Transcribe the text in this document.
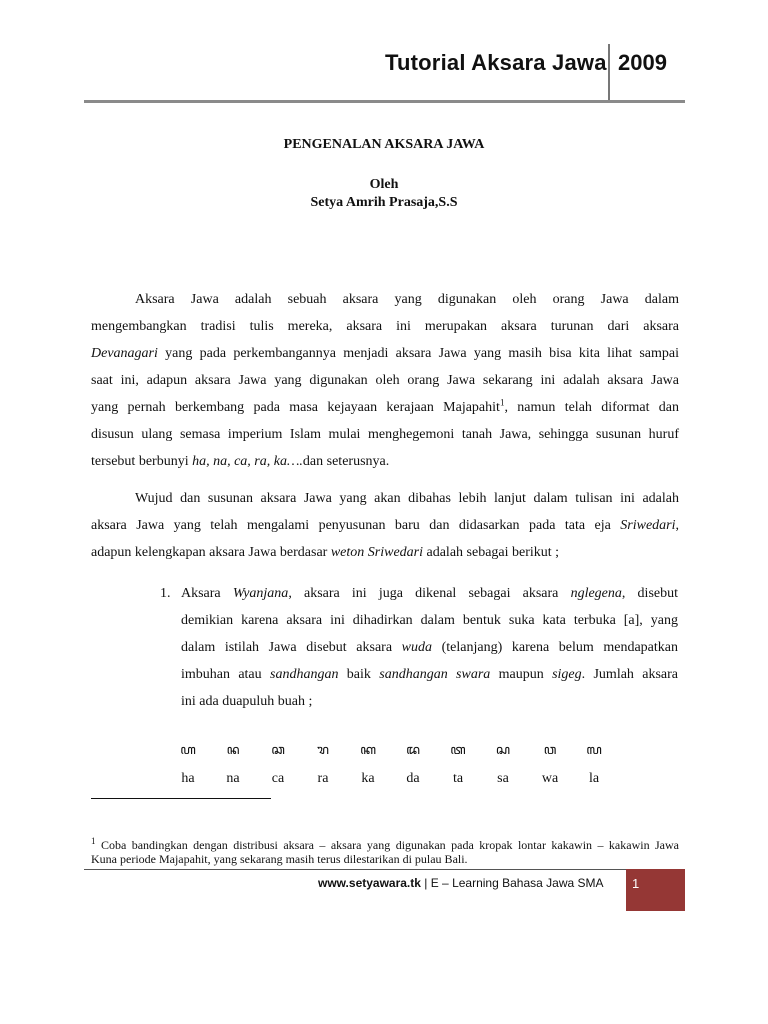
Tutorial Aksara Jawa 2009
PENGENALAN AKSARA JAWA
Oleh
Setya Amrih Prasaja,S.S
Aksara Jawa adalah sebuah aksara yang digunakan oleh orang Jawa dalam
mengembangkan tradisi tulis mereka, aksara ini merupakan aksara turunan dari aksara
Devanagari yang pada perkembangannya menjadi aksara Jawa yang masih bisa kita lihat sampai
saat ini, adapun aksara Jawa yang digunakan oleh orang Jawa sekarang ini adalah aksara Jawa
yang pernah berkembang pada masa kejayaan kerajaan Majapahit$^1$, namun telah diformat dan
disusun ulang semasa imperium Islam mulai menghegemoni tanah Jawa, sehingga susunan huruf
tersebut berbunyi ha, na, ca, ra, ka….dan seterusnya.
Wujud dan susunan aksara Jawa yang akan dibahas lebih lanjut dalam tulisan ini adalah
aksara Jawa yang telah mengalami penyusunan baru dan didasarkan pada tata eja Sriwedari,
adapun kelengkapan aksara Jawa berdasar weton Sriwedari adalah sebagai berikut ;
1. Aksara Wyanjana, aksara ini juga dikenal sebagai aksara nglegena, disebut
demikian karena aksara ini dihadirkan dalam bentuk suka kata terbuka [a], yang
dalam istilah Jawa disebut aksara wuda (telanjang) karena belum mendapatkan
imbuhan atau sandhangan baik sandhangan swara maupun sigeg. Jumlah aksara
ini ada duapuluh buah ;
ꦲ	ꦤ	ꦕ	ꦫ	ꦏ	ꦢ	ꦠ	ꦱ	ꦮ	ꦭ
ha	na	ca	ra	ka	da	ta	sa	wa	la
$^1$ Coba bandingkan dengan distribusi aksara – aksara yang digunakan pada kropak lontar kakawin – kakawin Jawa
Kuna periode Majapahit, yang sekarang masih terus dilestarikan di pulau Bali.
www.setyawara.tk | E – Learning Bahasa Jawa SMA 1
